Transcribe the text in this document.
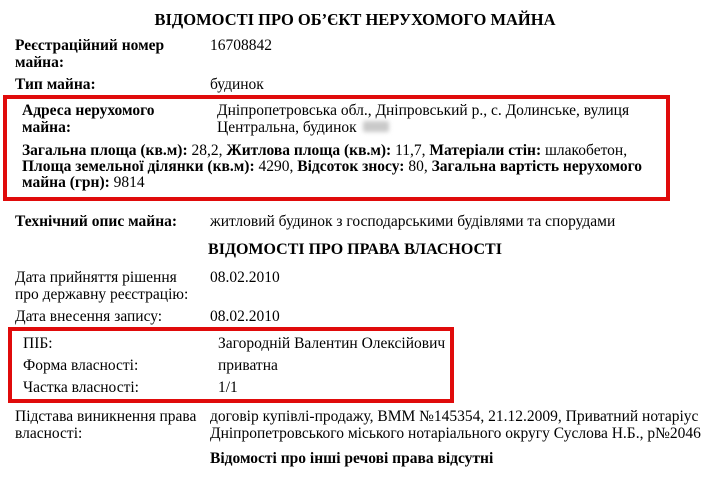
ВІДОМОСТІ ПРО ОБ’ЄКТ НЕРУХОМОГО МАЙНА
Реєстраційний номер майна:
16708842
Тип майна:	будинок
Адреса нерухомого майна:
Дніпропетровська обл., Дніпровський р., с. Долинське, вулиця Центральна, будинок
Загальна площа (кв.м): 28,2, Житлова площа (кв.м): 11,7, Матеріали стін: шлакобетон, Площа земельної ділянки (кв.м): 4290, Відсоток зносу: 80, Загальна вартість нерухомого майна (грн): 9814
Технічний опис майна:	житловий будинок з господарськими будівлями та спорудами
ВІДОМОСТІ ПРО ПРАВА ВЛАСНОСТІ
Дата прийняття рішення про державну реєстрацію:
08.02.2010
Дата внесення запису:	08.02.2010
ПІБ:	Загородній Валентин Олексійович
Форма власності:	приватна
Частка власності:	1/1
Підстава виникнення права власності:
договір купівлі-продажу, ВММ №145354, 21.12.2009, Приватний нотаріус Дніпропетровського міського нотаріального округу Суслова Н.Б., р№2046
Відомості про інші речові права відсутні
